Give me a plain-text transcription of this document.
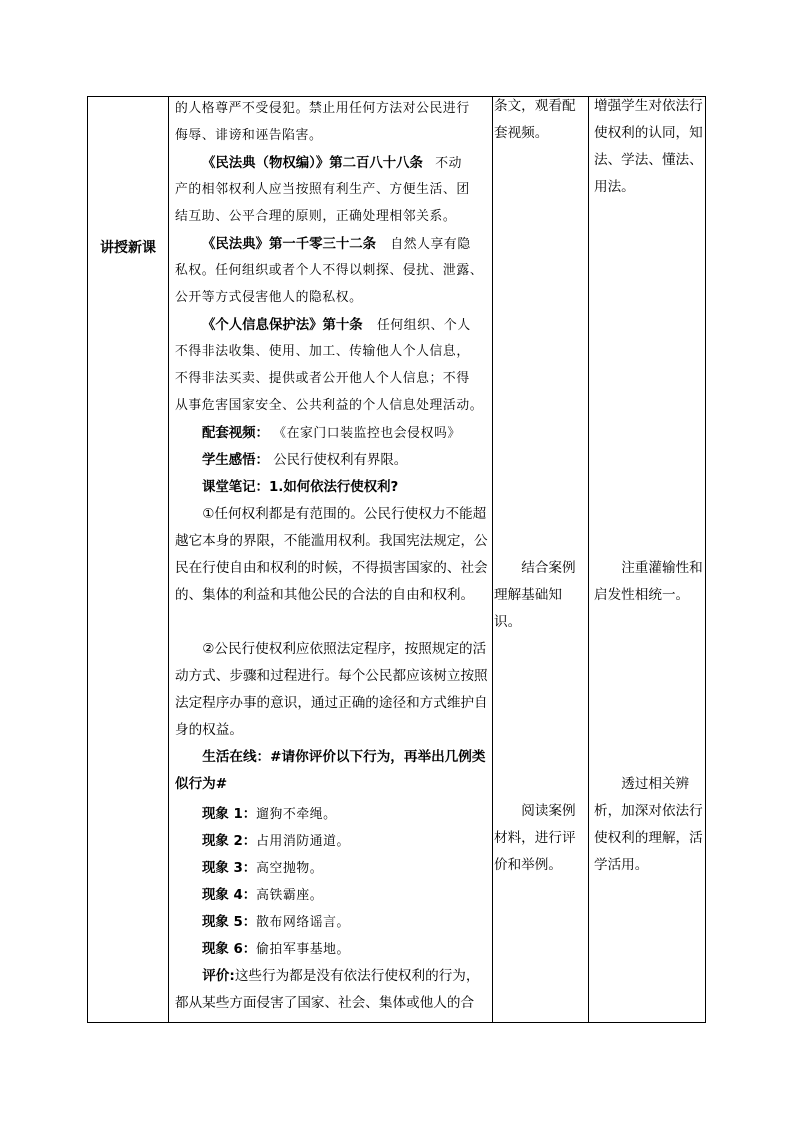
讲授新课
的人格尊严不受侵犯。禁止用任何方法对公民进行
侮辱、诽谤和诬告陷害。
《民法典（物权编）》第二百八十八条 不动
产的相邻权利人应当按照有利生产、方便生活、团
结互助、公平合理的原则，正确处理相邻关系。
《民法典》第一千零三十二条 自然人享有隐
私权。任何组织或者个人不得以刺探、侵扰、泄露、
公开等方式侵害他人的隐私权。
《个人信息保护法》第十条 任何组织、个人
不得非法收集、使用、加工、传输他人个人信息，
不得非法买卖、提供或者公开他人个人信息；不得
从事危害国家安全、公共利益的个人信息处理活动。
配套视频： 《在家门口装监控也会侵权吗》
学生感悟： 公民行使权利有界限。
课堂笔记：1.如何依法行使权利?
①任何权利都是有范围的。公民行使权力不能超越它本身的界限，不能滥用权利。我国宪法规定，公民在行使自由和权利的时候，不得损害国家的、社会的、集体的利益和其他公民的合法的自由和权利。
②公民行使权利应依照法定程序，按照规定的活动方式、步骤和过程进行。每个公民都应该树立按照法定程序办事的意识，通过正确的途径和方式维护自身的权益。
生活在线：#请你评价以下行为，再举出几例类似行为#
现象 1：遛狗不牵绳。
现象 2：占用消防通道。
现象 3：高空抛物。
现象 4：高铁霸座。
现象 5：散布网络谣言。
现象 6：偷拍军事基地。
评价:这些行为都是没有依法行使权利的行为，都从某些方面侵害了国家、社会、集体或他人的合
条文，观看配套视频。
结合案例理解基础知识。
阅读案例材料，进行评价和举例。
增强学生对依法行使权利的认同，知法、学法、懂法、用法。
注重灌输性和启发性相统一。
透过相关辨析，加深对依法行使权利的理解，活学活用。
